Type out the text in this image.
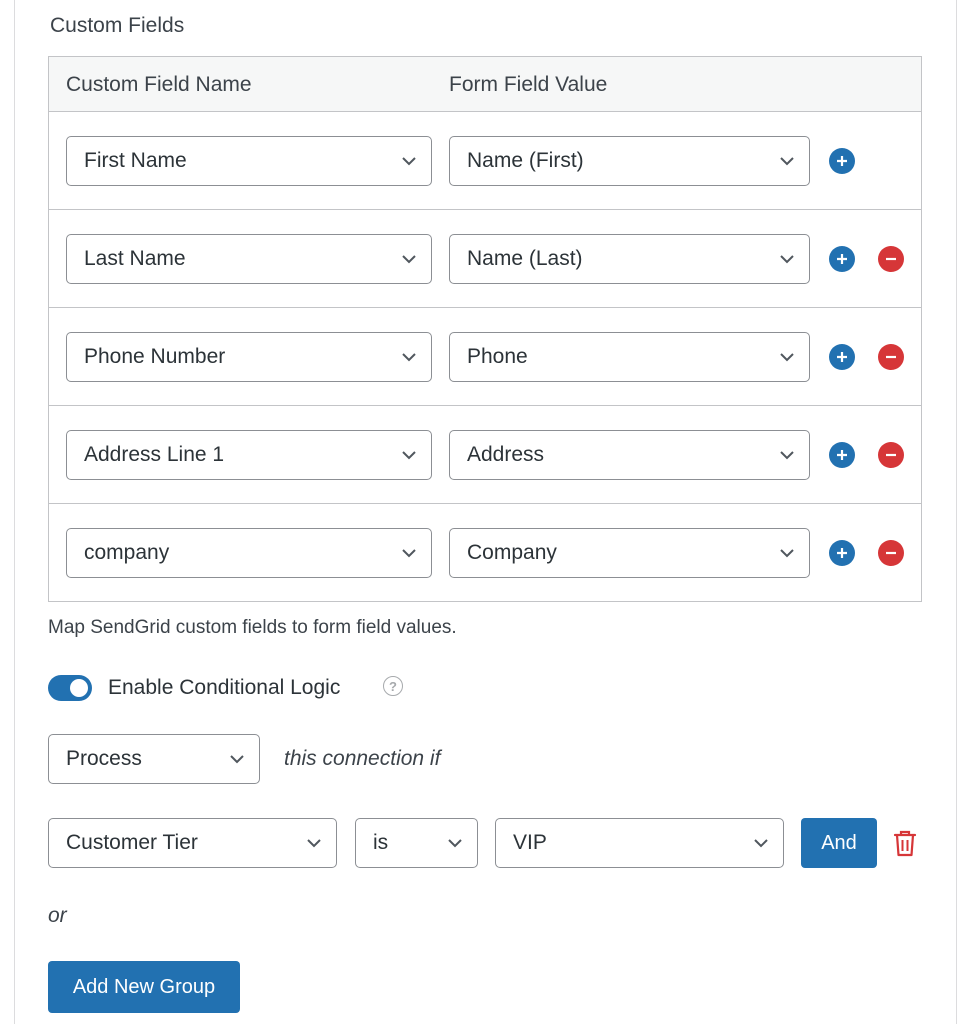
Custom Fields
Custom Field Name	Form Field Value
First Name	Name (First)
Last Name	Name (Last)
Phone Number	Phone
Address Line 1	Address
company	Company
Map SendGrid custom fields to form field values.
Enable Conditional Logic	?
Process	this connection if
Customer Tier	is	VIP	And
or
Add New Group
